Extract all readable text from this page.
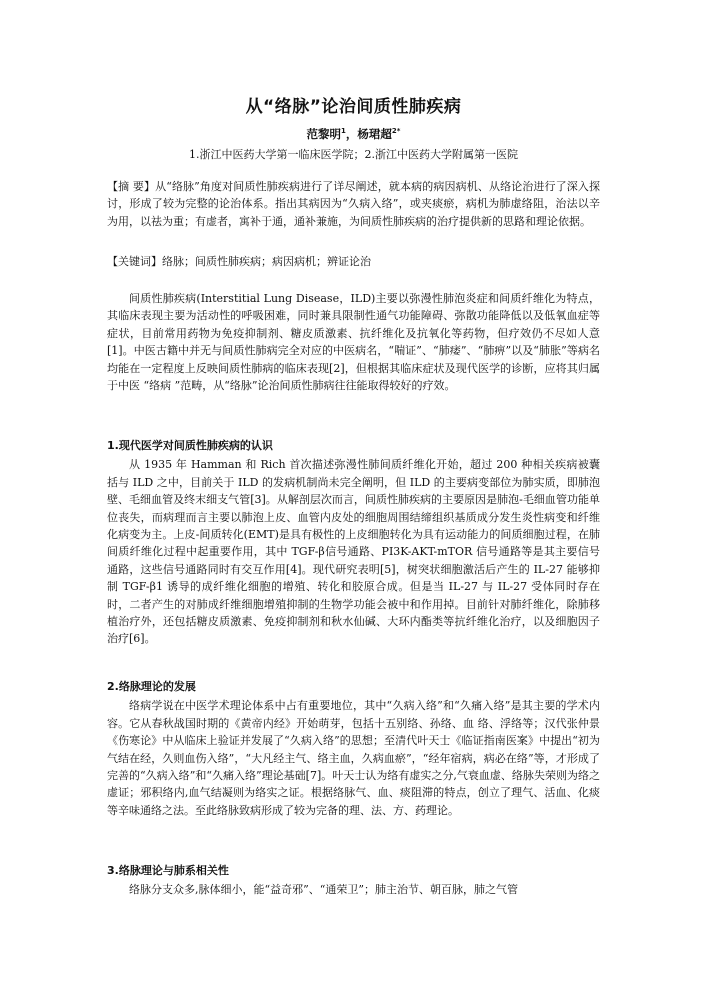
从“络脉”论治间质性肺疾病
范黎明$^1$，杨珺超$^{2*}$
1.浙江中医药大学第一临床医学院；2.浙江中医药大学附属第一医院

【摘 要】从“络脉”角度对间质性肺疾病进行了详尽阐述，就本病的病因病机、从络论治进行了深入探讨，形成了较为完整的论治体系。指出其病因为“久病入络”，或夹痰瘀，病机为肺虚络阻，治法以辛为用，以祛为重；有虚者，寓补于通，通补兼施，为间质性肺疾病的治疗提供新的思路和理论依据。

【关键词】络脉；间质性肺疾病；病因病机；辨证论治

间质性肺疾病(Interstitial Lung Disease，ILD)主要以弥漫性肺泡炎症和间质纤维化为特点，其临床表现主要为活动性的呼吸困难，同时兼具限制性通气功能障碍、弥散功能降低以及低氧血症等症状，目前常用药物为免疫抑制剂、糖皮质激素、抗纤维化及抗氧化等药物，但疗效仍不尽如人意[1]。中医古籍中并无与间质性肺病完全对应的中医病名，“喘证”、“肺痿”、“肺痹”以及“肺胀”等病名均能在一定程度上反映间质性肺病的临床表现[2]，但根据其临床症状及现代医学的诊断，应将其归属于中医 “络病 ”范畴，从“络脉”论治间质性肺病往往能取得较好的疗效。

1.现代医学对间质性肺疾病的认识

从 1935 年 Hamman 和 Rich 首次描述弥漫性肺间质纤维化开始，超过 200 种相关疾病被囊括与 ILD 之中，目前关于 ILD 的发病机制尚未完全阐明，但 ILD 的主要病变部位为肺实质，即肺泡壁、毛细血管及终末细支气管[3]。从解剖层次而言，间质性肺疾病的主要原因是肺泡-毛细血管功能单位丧失，而病理而言主要以肺泡上皮、血管内皮处的细胞周围结缔组织基质成分发生炎性病变和纤维化病变为主。上皮-间质转化(EMT)是具有极性的上皮细胞转化为具有运动能力的间质细胞过程，在肺间质纤维化过程中起重要作用，其中 TGF-β信号通路、PI3K-AKT-mTOR 信号通路等是其主要信号通路，这些信号通路同时有交互作用[4]。现代研究表明[5]，树突状细胞激活后产生的 IL-27 能够抑制 TGF-β1 诱导的成纤维化细胞的增殖、转化和胶原合成。但是当 IL-27 与 IL-27 受体同时存在时，二者产生的对肺成纤维细胞增殖抑制的生物学功能会被中和作用掉。目前针对肺纤维化，除肺移植治疗外，还包括糖皮质激素、免疫抑制剂和秋水仙碱、大环内酯类等抗纤维化治疗，以及细胞因子治疗[6]。

2.络脉理论的发展

络病学说在中医学术理论体系中占有重要地位，其中“久病入络”和“久痛入络”是其主要的学术内容。它从春秋战国时期的《黄帝内经》开始萌芽，包括十五别络、孙络、血 络、浮络等；汉代张仲景《伤寒论》中从临床上验证并发展了“久病入络”的思想；至清代叶天士《临证指南医案》中提出“初为气结在经，久则血伤入络”，“大凡经主气、络主血，久病血瘀”，“经年宿病，病必在络”等，才形成了完善的“久病入络”和“久痛入络”理论基础[7]。叶天士认为络有虚实之分,气衰血虚、络脉失荣则为络之虚证；邪积络内,血气结凝则为络实之证。根据络脉气、血、痰阻滞的特点，创立了理气、活血、化痰等辛味通络之法。至此络脉致病形成了较为完备的理、法、方、药理论。

3.络脉理论与肺系相关性

络脉分支众多,脉体细小，能“益奇邪”、“通荣卫”；肺主治节、朝百脉，肺之气管
